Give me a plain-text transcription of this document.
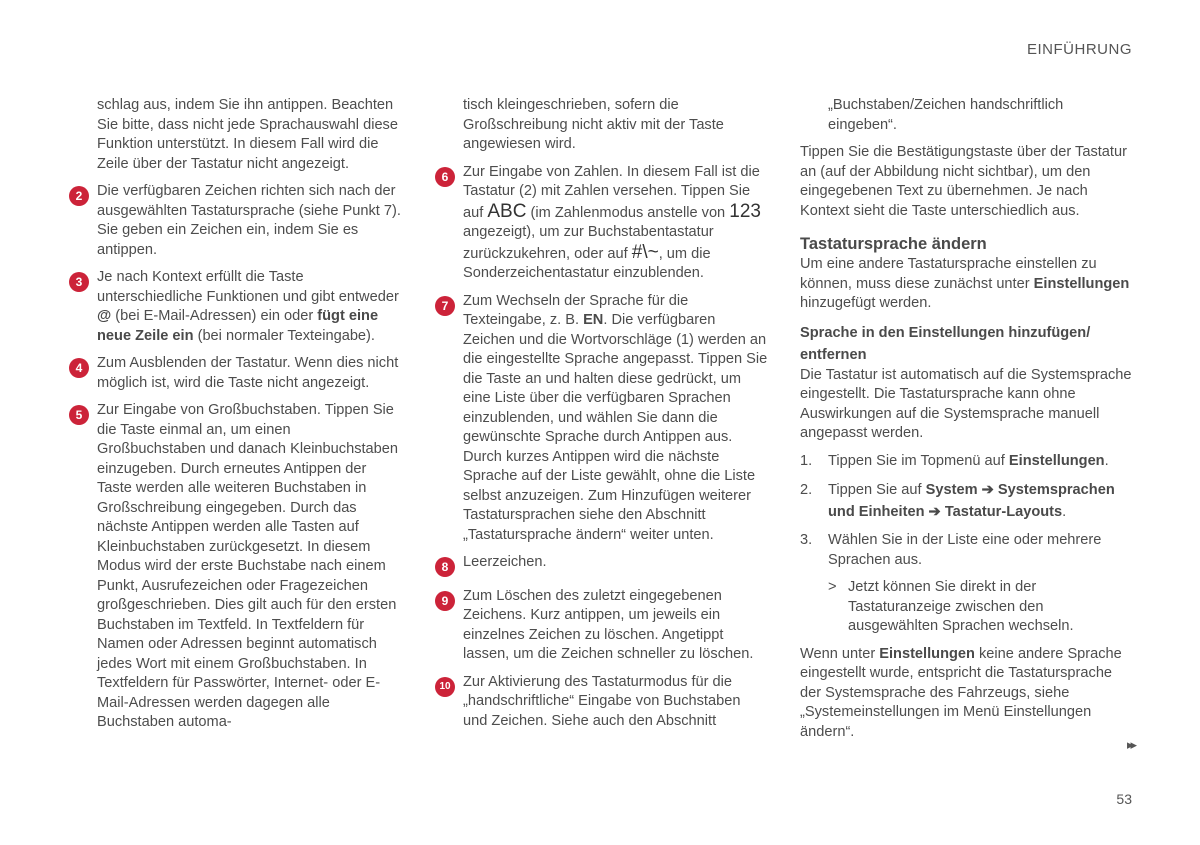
EINFÜHRUNG

schlag aus, indem Sie ihn antippen. Beachten Sie bitte, dass nicht jede Sprachauswahl diese Funktion unterstützt. In diesem Fall wird die Zeile über der Tastatur nicht angezeigt.

2	Die verfügbaren Zeichen richten sich nach der ausgewählten Tastatursprache (siehe Punkt 7). Sie geben ein Zeichen ein, indem Sie es antippen.
3	Je nach Kontext erfüllt die Taste unterschiedliche Funktionen und gibt entweder @ (bei E-Mail-Adressen) ein oder fügt eine neue Zeile ein (bei normaler Texteingabe).
4	Zum Ausblenden der Tastatur. Wenn dies nicht möglich ist, wird die Taste nicht angezeigt.
5	Zur Eingabe von Großbuchstaben. Tippen Sie die Taste einmal an, um einen Großbuchstaben und danach Kleinbuchstaben einzugeben. Durch erneutes Antippen der Taste werden alle weiteren Buchstaben in Großschreibung eingegeben. Durch das nächste Antippen werden alle Tasten auf Kleinbuchstaben zurückgesetzt. In diesem Modus wird der erste Buchstabe nach einem Punkt, Ausrufezeichen oder Fragezeichen großgeschrieben. Dies gilt auch für den ersten Buchstaben im Textfeld. In Textfeldern für Namen oder Adressen beginnt automatisch jedes Wort mit einem Großbuchstaben. In Textfeldern für Passwörter, Internet- oder E-Mail-Adressen werden dagegen alle Buchstaben automa-

tisch kleingeschrieben, sofern die Großschreibung nicht aktiv mit der Taste angewiesen wird.

6	Zur Eingabe von Zahlen. In diesem Fall ist die Tastatur (2) mit Zahlen versehen. Tippen Sie auf ABC (im Zahlenmodus anstelle von 123 angezeigt), um zur Buchstabentastatur zurückzukehren, oder auf #\~, um die Sonderzeichentastatur einzublenden.
7	Zum Wechseln der Sprache für die Texteingabe, z. B. EN. Die verfügbaren Zeichen und die Wortvorschläge (1) werden an die eingestellte Sprache angepasst. Tippen Sie die Taste an und halten diese gedrückt, um eine Liste über die verfügbaren Sprachen einzublenden, und wählen Sie dann die gewünschte Sprache durch Antippen aus. Durch kurzes Antippen wird die nächste Sprache auf der Liste gewählt, ohne die Liste selbst anzuzeigen. Zum Hinzufügen weiterer Tastatursprachen siehe den Abschnitt „Tastatursprache ändern“ weiter unten.
8	Leerzeichen.
9	Zum Löschen des zuletzt eingegebenen Zeichens. Kurz antippen, um jeweils ein einzelnes Zeichen zu löschen. Angetippt lassen, um die Zeichen schneller zu löschen.
10 Zur Aktivierung des Tastaturmodus für die „handschriftliche“ Eingabe von Buchstaben und Zeichen. Siehe auch den Abschnitt

„Buchstaben/Zeichen handschriftlich eingeben“.

Tippen Sie die Bestätigungstaste über der Tastatur an (auf der Abbildung nicht sichtbar), um den eingegebenen Text zu übernehmen. Je nach Kontext sieht die Taste unterschiedlich aus.

Tastatursprache ändern

Um eine andere Tastatursprache einstellen zu können, muss diese zunächst unter Einstellungen hinzugefügt werden.

Sprache in den Einstellungen hinzufügen/ entfernen

Die Tastatur ist automatisch auf die Systemsprache eingestellt. Die Tastatursprache kann ohne Auswirkungen auf die Systemsprache manuell angepasst werden.

1. Tippen Sie im Topmenü auf Einstellungen.
2. Tippen Sie auf System ➔ Systemsprachen und Einheiten ➔ Tastatur-Layouts.
3. Wählen Sie in der Liste eine oder mehrere Sprachen aus.
> Jetzt können Sie direkt in der Tastaturanzeige zwischen den ausgewählten Sprachen wechseln.

Wenn unter Einstellungen keine andere Sprache eingestellt wurde, entspricht die Tastatursprache der Systemsprache des Fahrzeugs, siehe „Systemeinstellungen im Menü Einstellungen ändern“.

▸▸
53
